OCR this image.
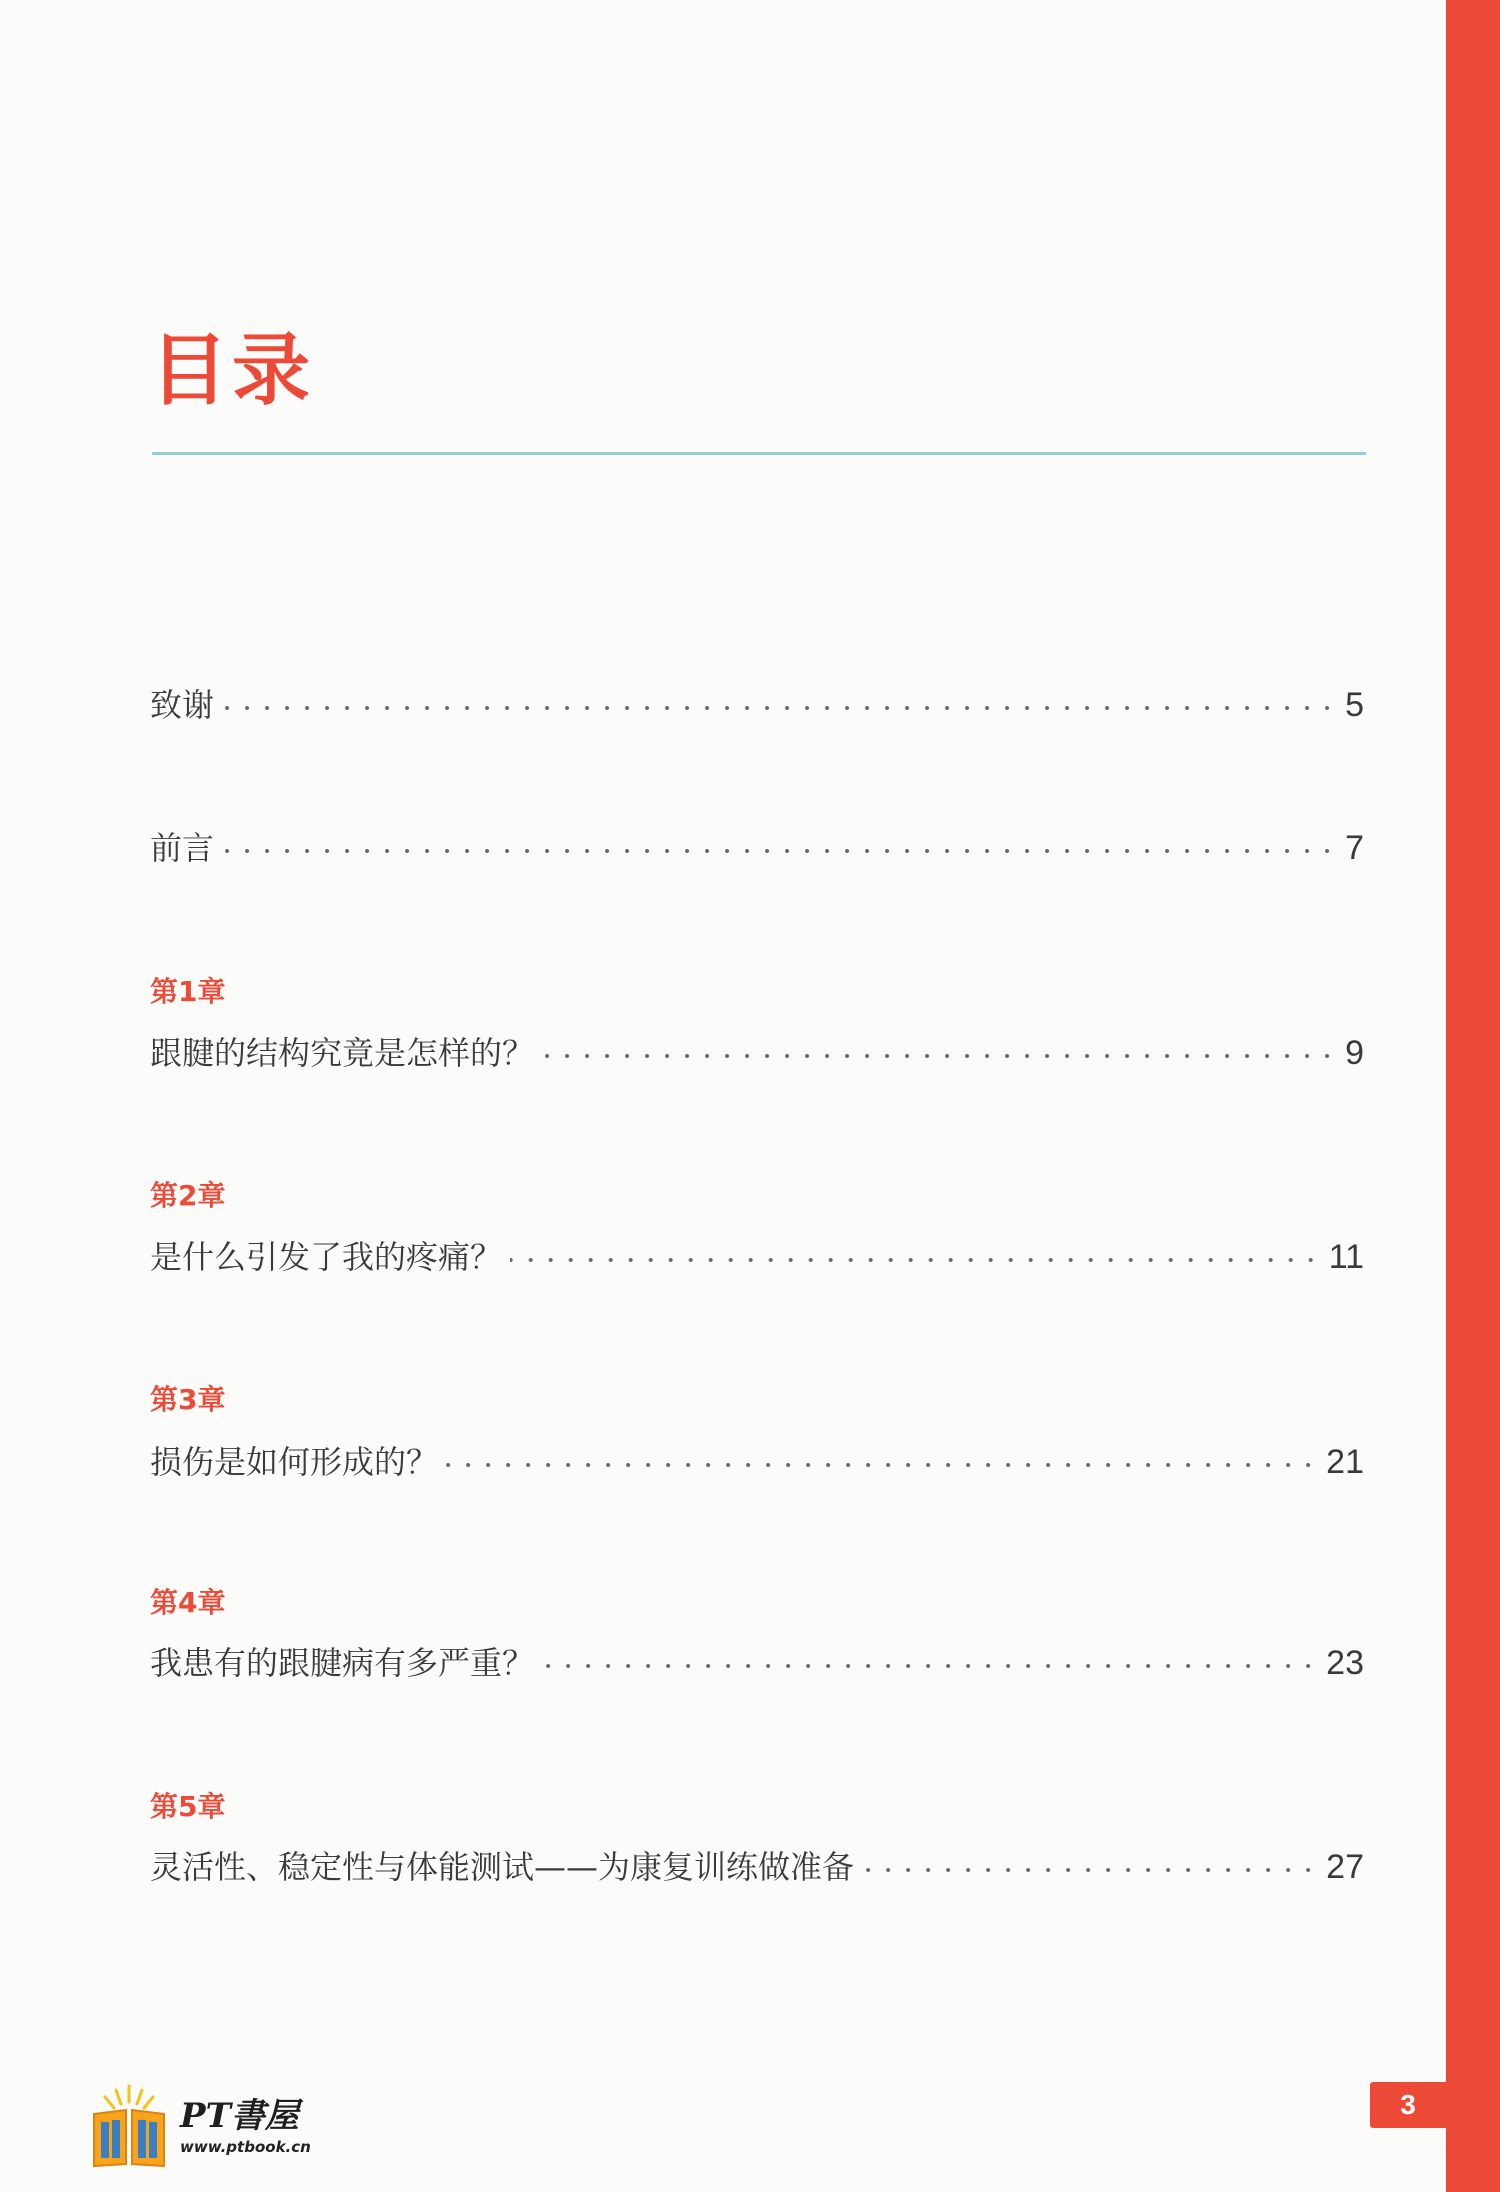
目录
致谢	5
前言	7
第1章
跟腱的结构究竟是怎样的？	9
第2章
是什么引发了我的疼痛？	11
第3章
损伤是如何形成的？	21
第4章
我患有的跟腱病有多严重？	23
第5章
灵活性、稳定性与体能测试——为康复训练做准备	27
3
PT書屋
www.ptbook.cn
